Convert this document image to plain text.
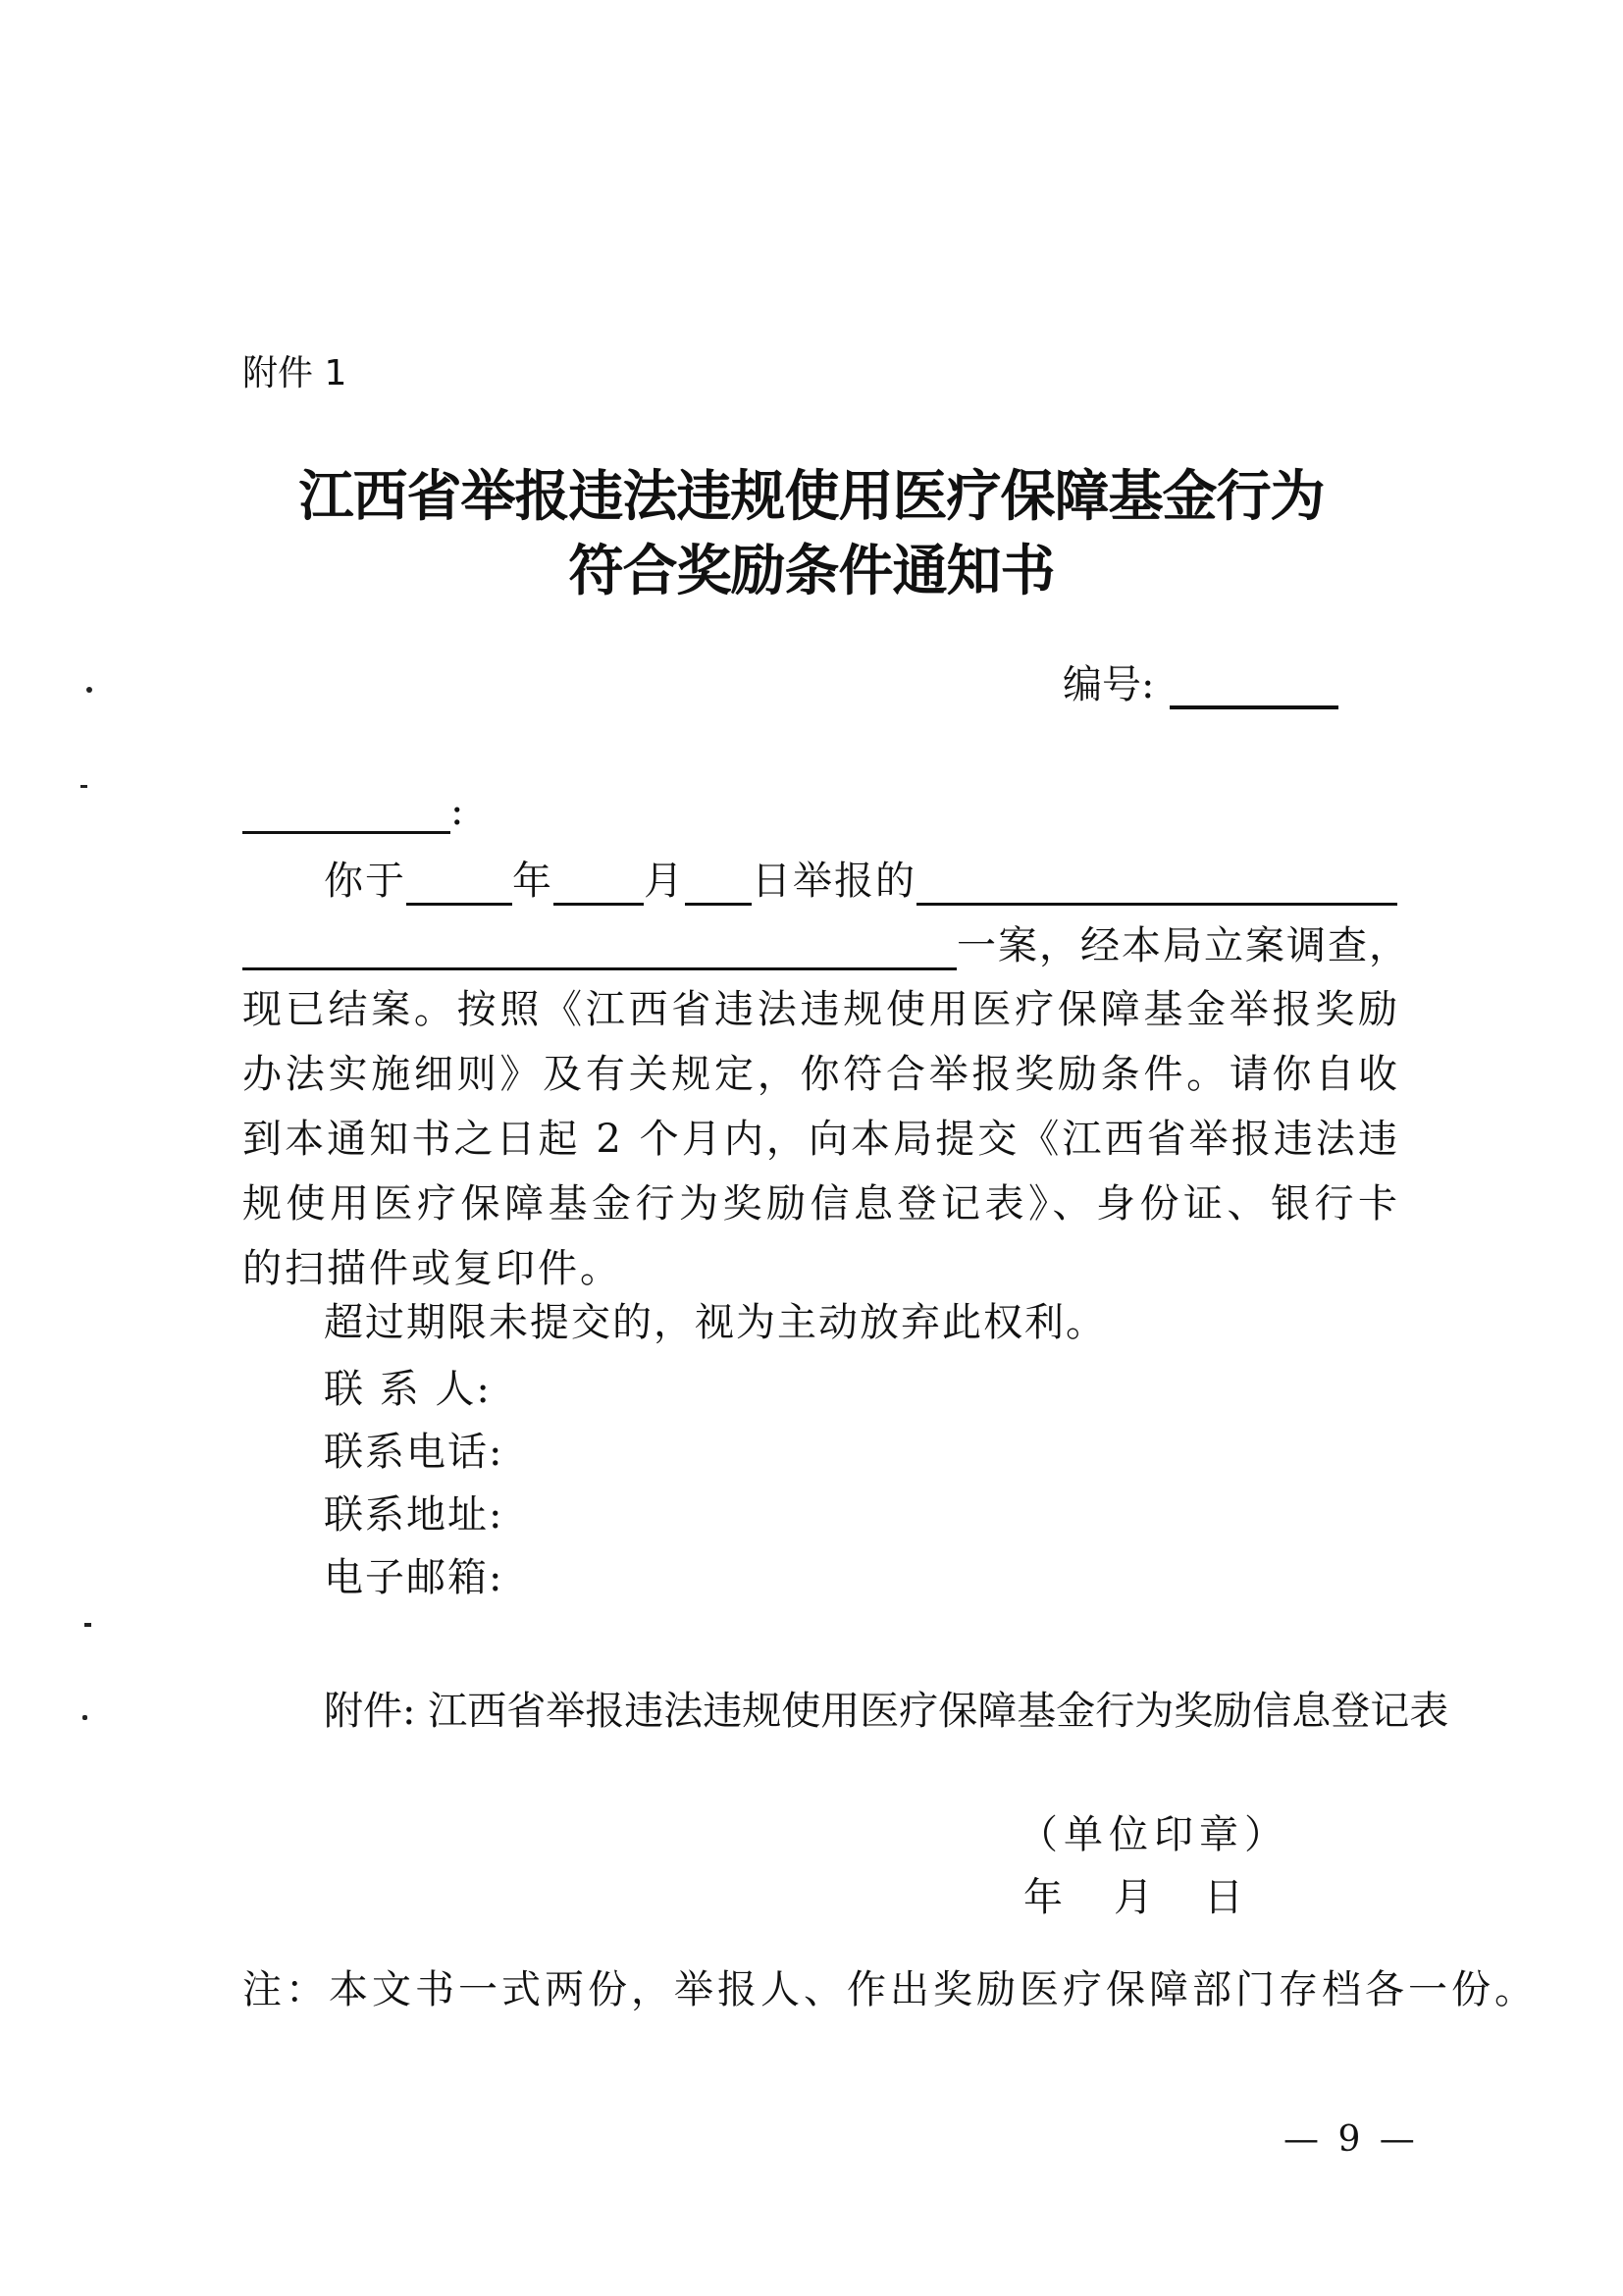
附件 1
江西省举报违法违规使用医疗保障基金行为
符合奖励条件通知书
编号:
:
你于	年 月 日举报的
一案，经本局立案调查，
现已结案。按照《江西省违法违规使用医疗保障基金举报奖励办法实施细则》及有关规定，你符合举报奖励条件。请你自收到本通知书之日起 2 个月内，向本局提交《江西省举报违法违规使用医疗保障基金行为奖励信息登记表》、身份证、银行卡的扫描件或复印件。
超过期限未提交的，视为主动放弃此权利。
联 系 人:
联系电话:
联系地址:
电子邮箱:
附件: 江西省举报违法违规使用医疗保障基金行为奖励信息登记表
（单位印章）
年 月 日
注：本文书一式两份，举报人、作出奖励医疗保障部门存档各一份。
— 9 —
